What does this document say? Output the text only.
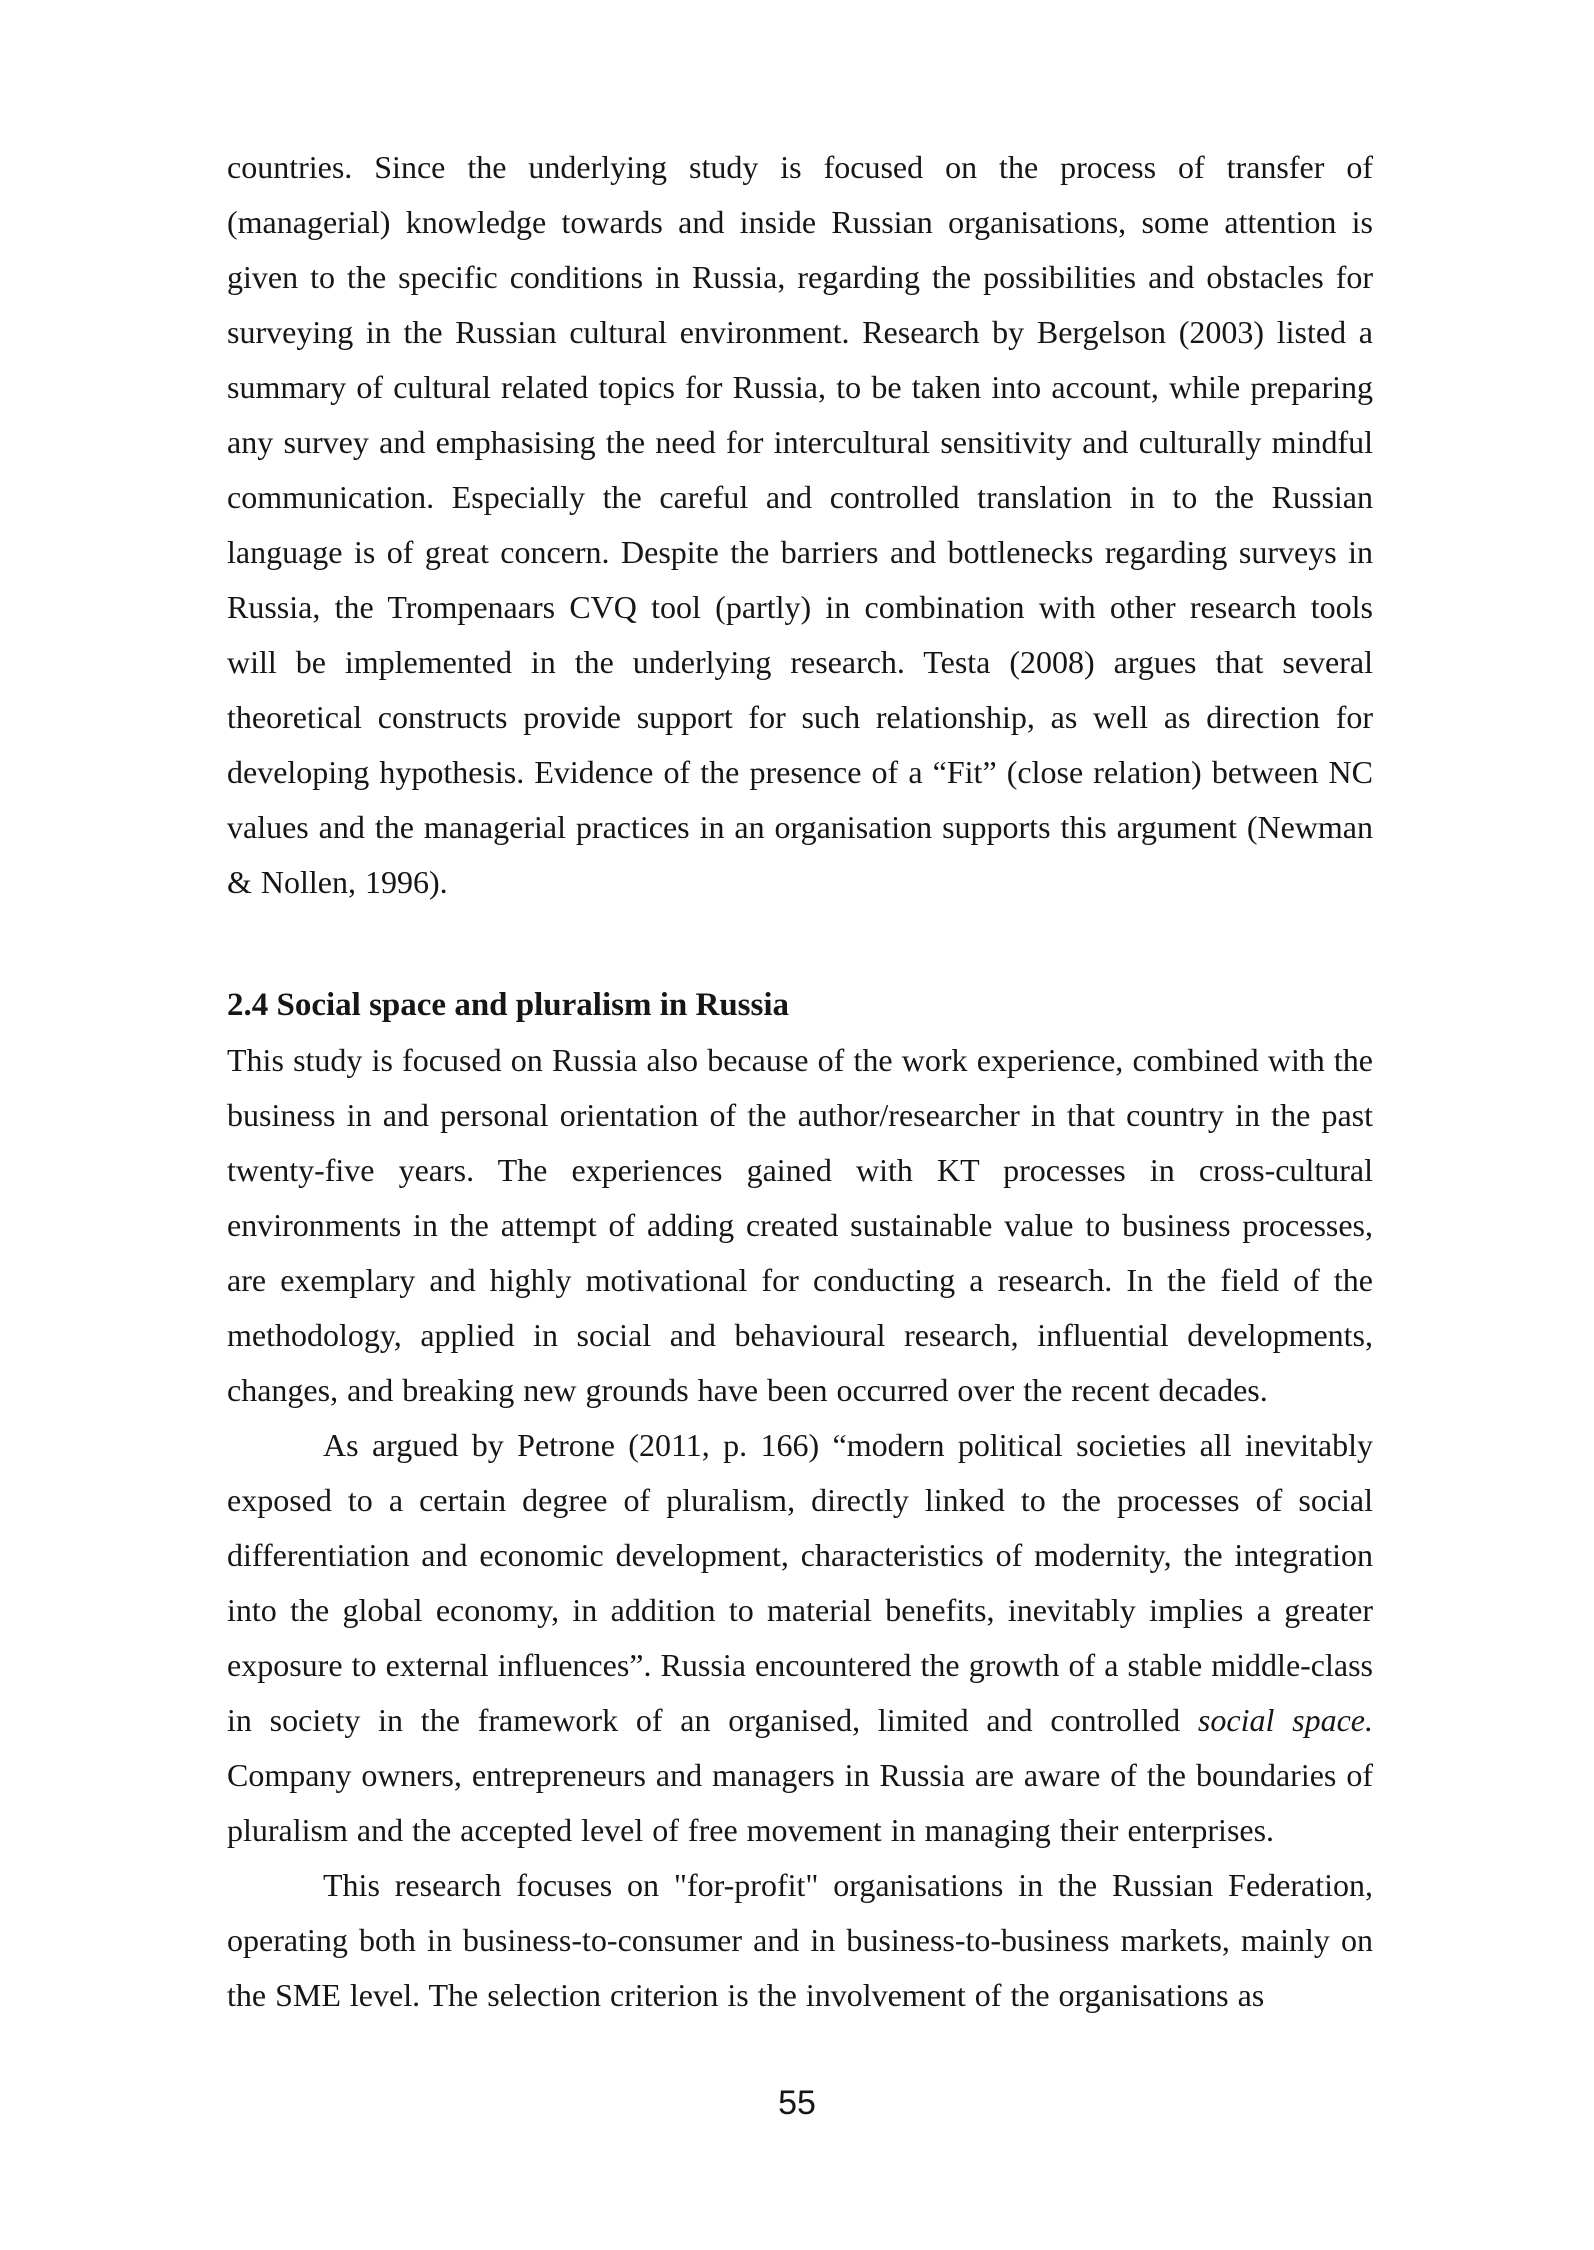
countries. Since the underlying study is focused on the process of transfer of (managerial) knowledge towards and inside Russian organisations, some attention is given to the specific conditions in Russia, regarding the possibilities and obstacles for surveying in the Russian cultural environment. Research by Bergelson (2003) listed a summary of cultural related topics for Russia, to be taken into account, while preparing any survey and emphasising the need for intercultural sensitivity and culturally mindful communication. Especially the careful and controlled translation in to the Russian language is of great concern. Despite the barriers and bottlenecks regarding surveys in Russia, the Trompenaars CVQ tool (partly) in combination with other research tools will be implemented in the underlying research. Testa (2008) argues that several theoretical constructs provide support for such relationship, as well as direction for developing hypothesis. Evidence of the presence of a “Fit” (close relation) between NC values and the managerial practices in an organisation supports this argument (Newman & Nollen, 1996).

2.4 Social space and pluralism in Russia

This study is focused on Russia also because of the work experience, combined with the business in and personal orientation of the author/researcher in that country in the past twenty-five years. The experiences gained with KT processes in cross-cultural environments in the attempt of adding created sustainable value to business processes, are exemplary and highly motivational for conducting a research. In the field of the methodology, applied in social and behavioural research, influential developments, changes, and breaking new grounds have been occurred over the recent decades.

As argued by Petrone (2011, p. 166) “modern political societies all inevitably exposed to a certain degree of pluralism, directly linked to the processes of social differentiation and economic development, characteristics of modernity, the integration into the global economy, in addition to material benefits, inevitably implies a greater exposure to external influences”. Russia encountered the growth of a stable middle-class in society in the framework of an organised, limited and controlled social space. Company owners, entrepreneurs and managers in Russia are aware of the boundaries of pluralism and the accepted level of free movement in managing their enterprises.

This research focuses on "for-profit" organisations in the Russian Federation, operating both in business-to-consumer and in business-to-business markets, mainly on the SME level. The selection criterion is the involvement of the organisations as

55
